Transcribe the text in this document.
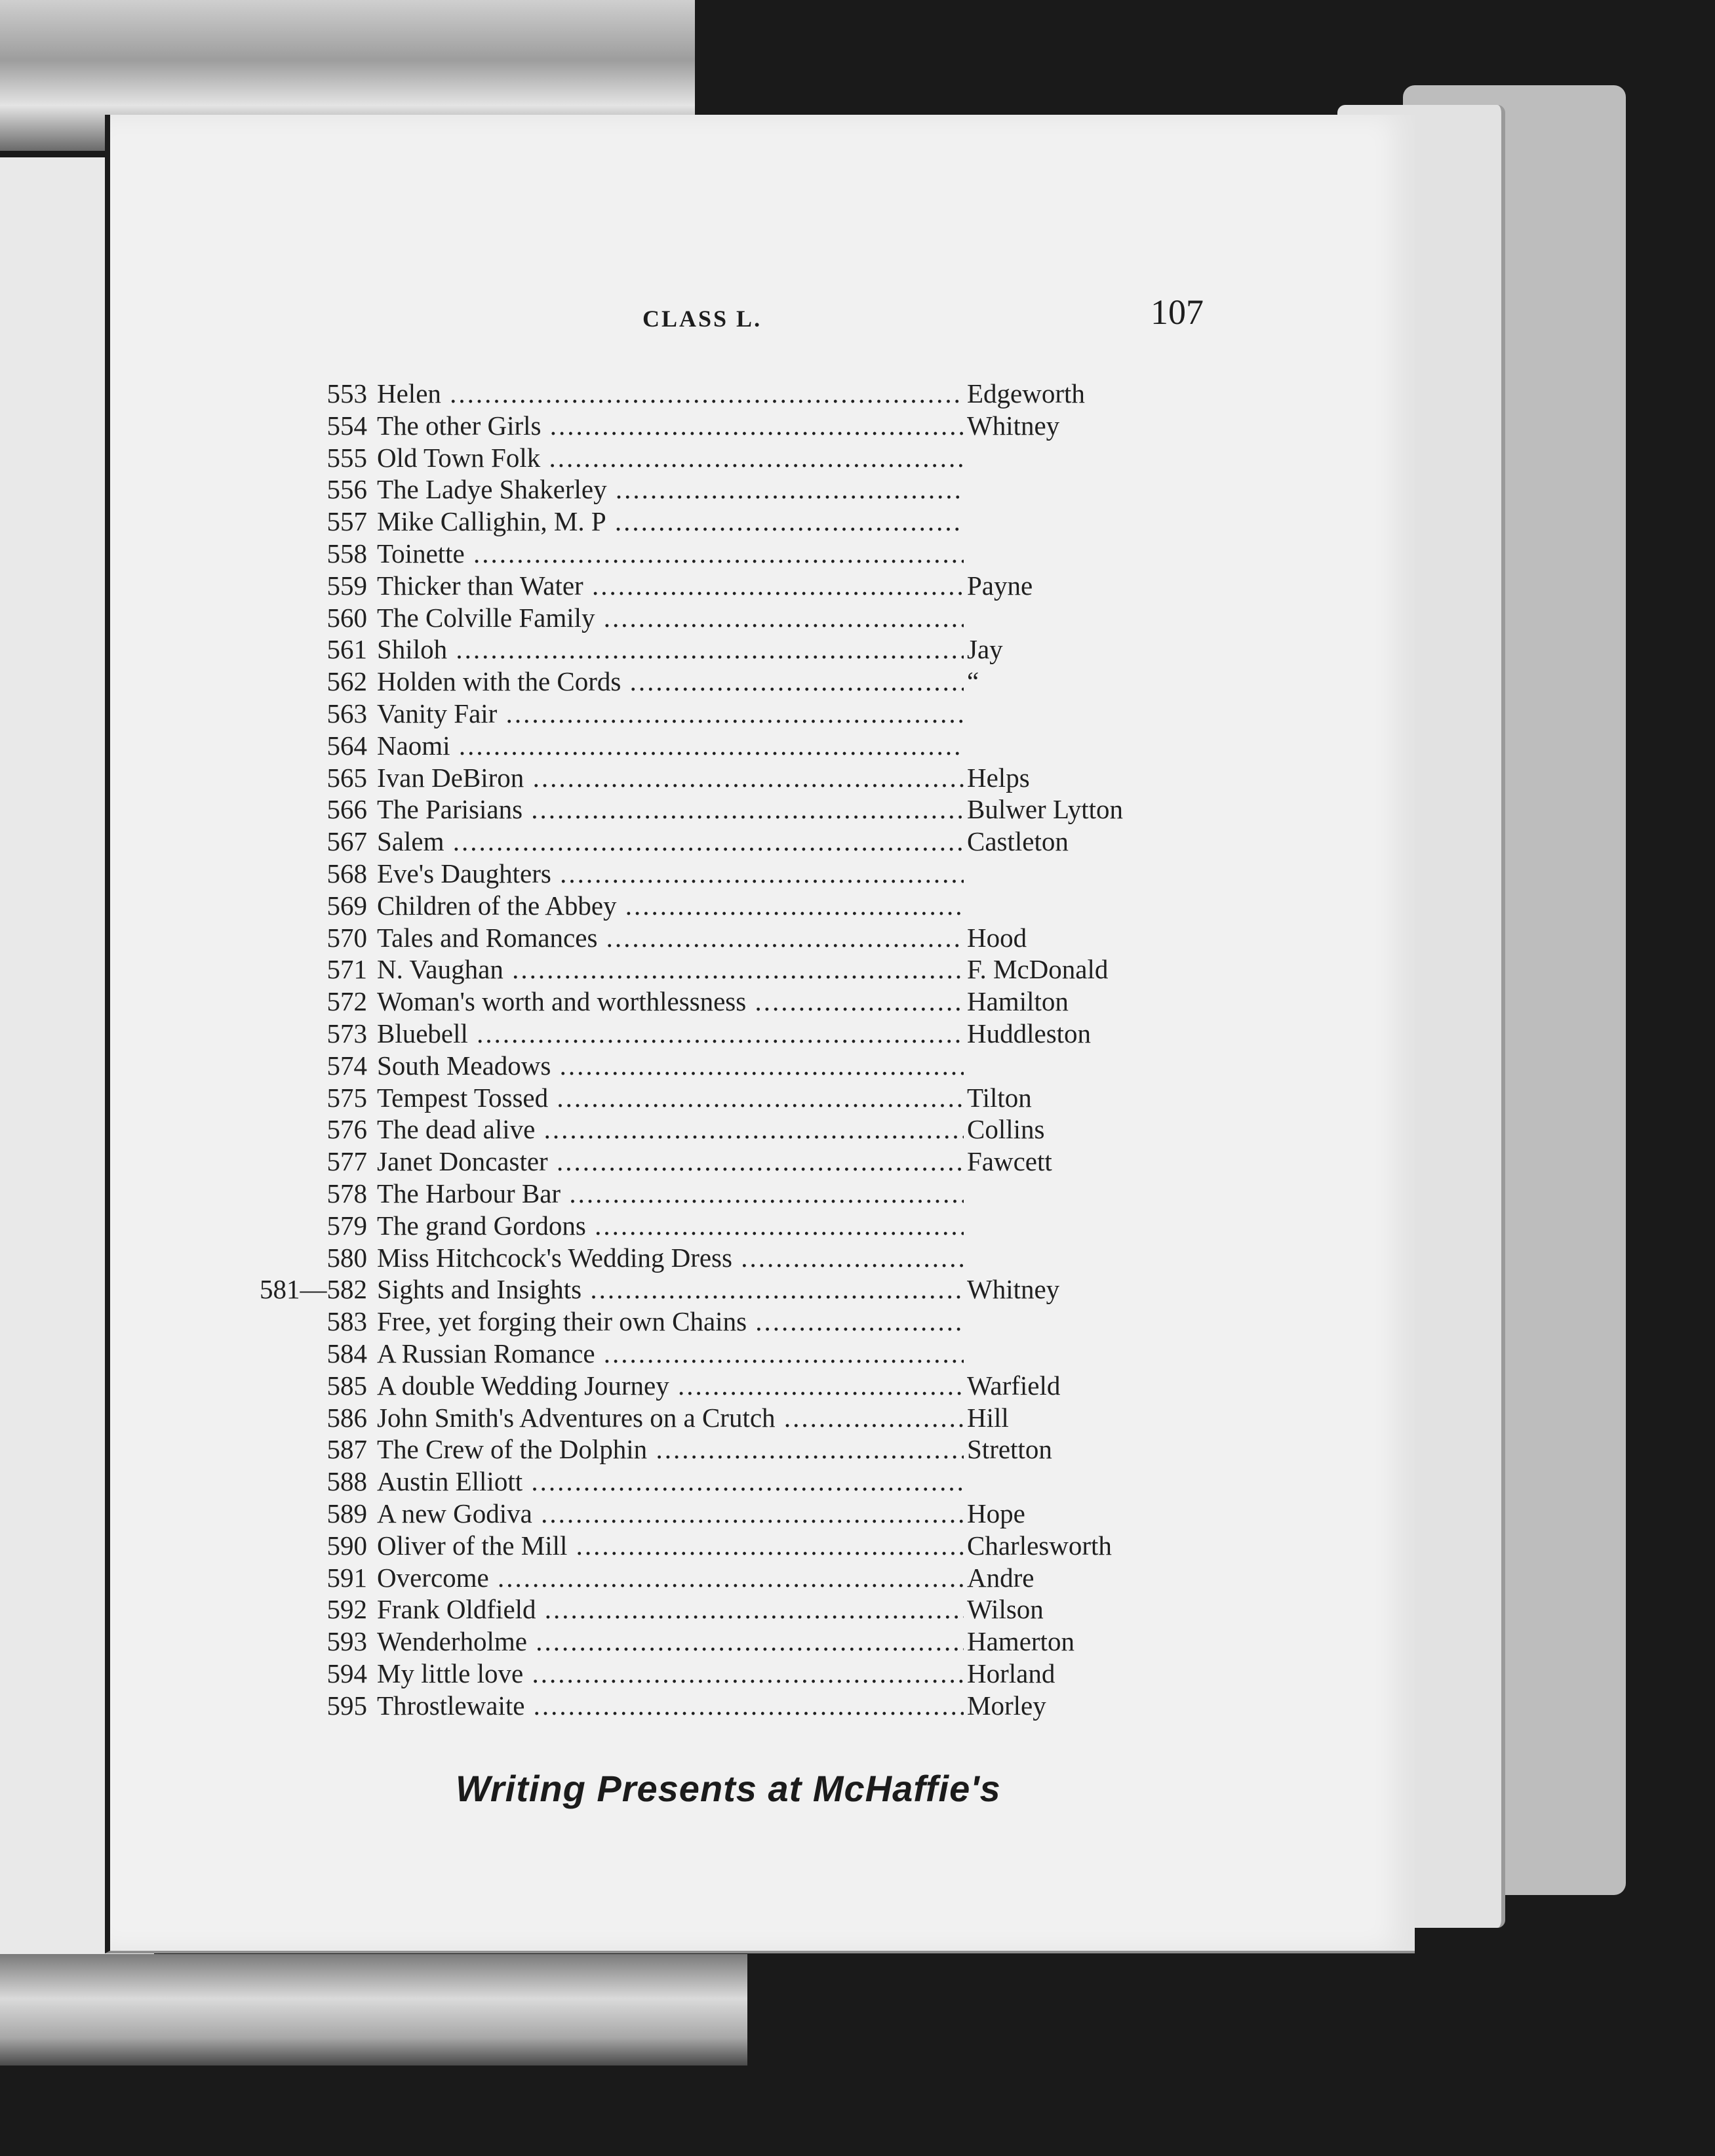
CLASS L.	107
553 Helen .....	Edgeworth
554 The other Girls .....	Whitney
555 Old Town Folk .....
556 The Ladye Shakerley .....
557 Mike Callighin, M. P .....
558 Toinette .....
559 Thicker than Water .....	Payne
560 The Colville Family .....
561 Shiloh .....	Jay
562 Holden with the Cords .....	“
563 Vanity Fair .....
564 Naomi .....
565 Ivan DeBiron .....	Helps
566 The Parisians .....	Bulwer Lytton
567 Salem .....	Castleton
568 Eve's Daughters .....
569 Children of the Abbey .....
570 Tales and Romances .....	Hood
571 N. Vaughan .....	F. McDonald
572 Woman's worth and worthlessness .....	Hamilton
573 Bluebell .....	Huddleston
574 South Meadows .....
575 Tempest Tossed .....	Tilton
576 The dead alive .....	Collins
577 Janet Doncaster .....	Fawcett
578 The Harbour Bar .....
579 The grand Gordons .....
580 Miss Hitchcock's Wedding Dress .....
581—582 Sights and Insights .....	Whitney
583 Free, yet forging their own Chains .....
584 A Russian Romance .....
585 A double Wedding Journey .....	Warfield
586 John Smith's Adventures on a Crutch .....	Hill
587 The Crew of the Dolphin .....	Stretton
588 Austin Elliott .....
589 A new Godiva .....	Hope
590 Oliver of the Mill .....	Charlesworth
591 Overcome .....	Andre
592 Frank Oldfield .....	Wilson
593 Wenderholme .....	Hamerton
594 My little love .....	Horland
595 Throstlewaite .....	Morley
Writing Presents at McHaffie's
